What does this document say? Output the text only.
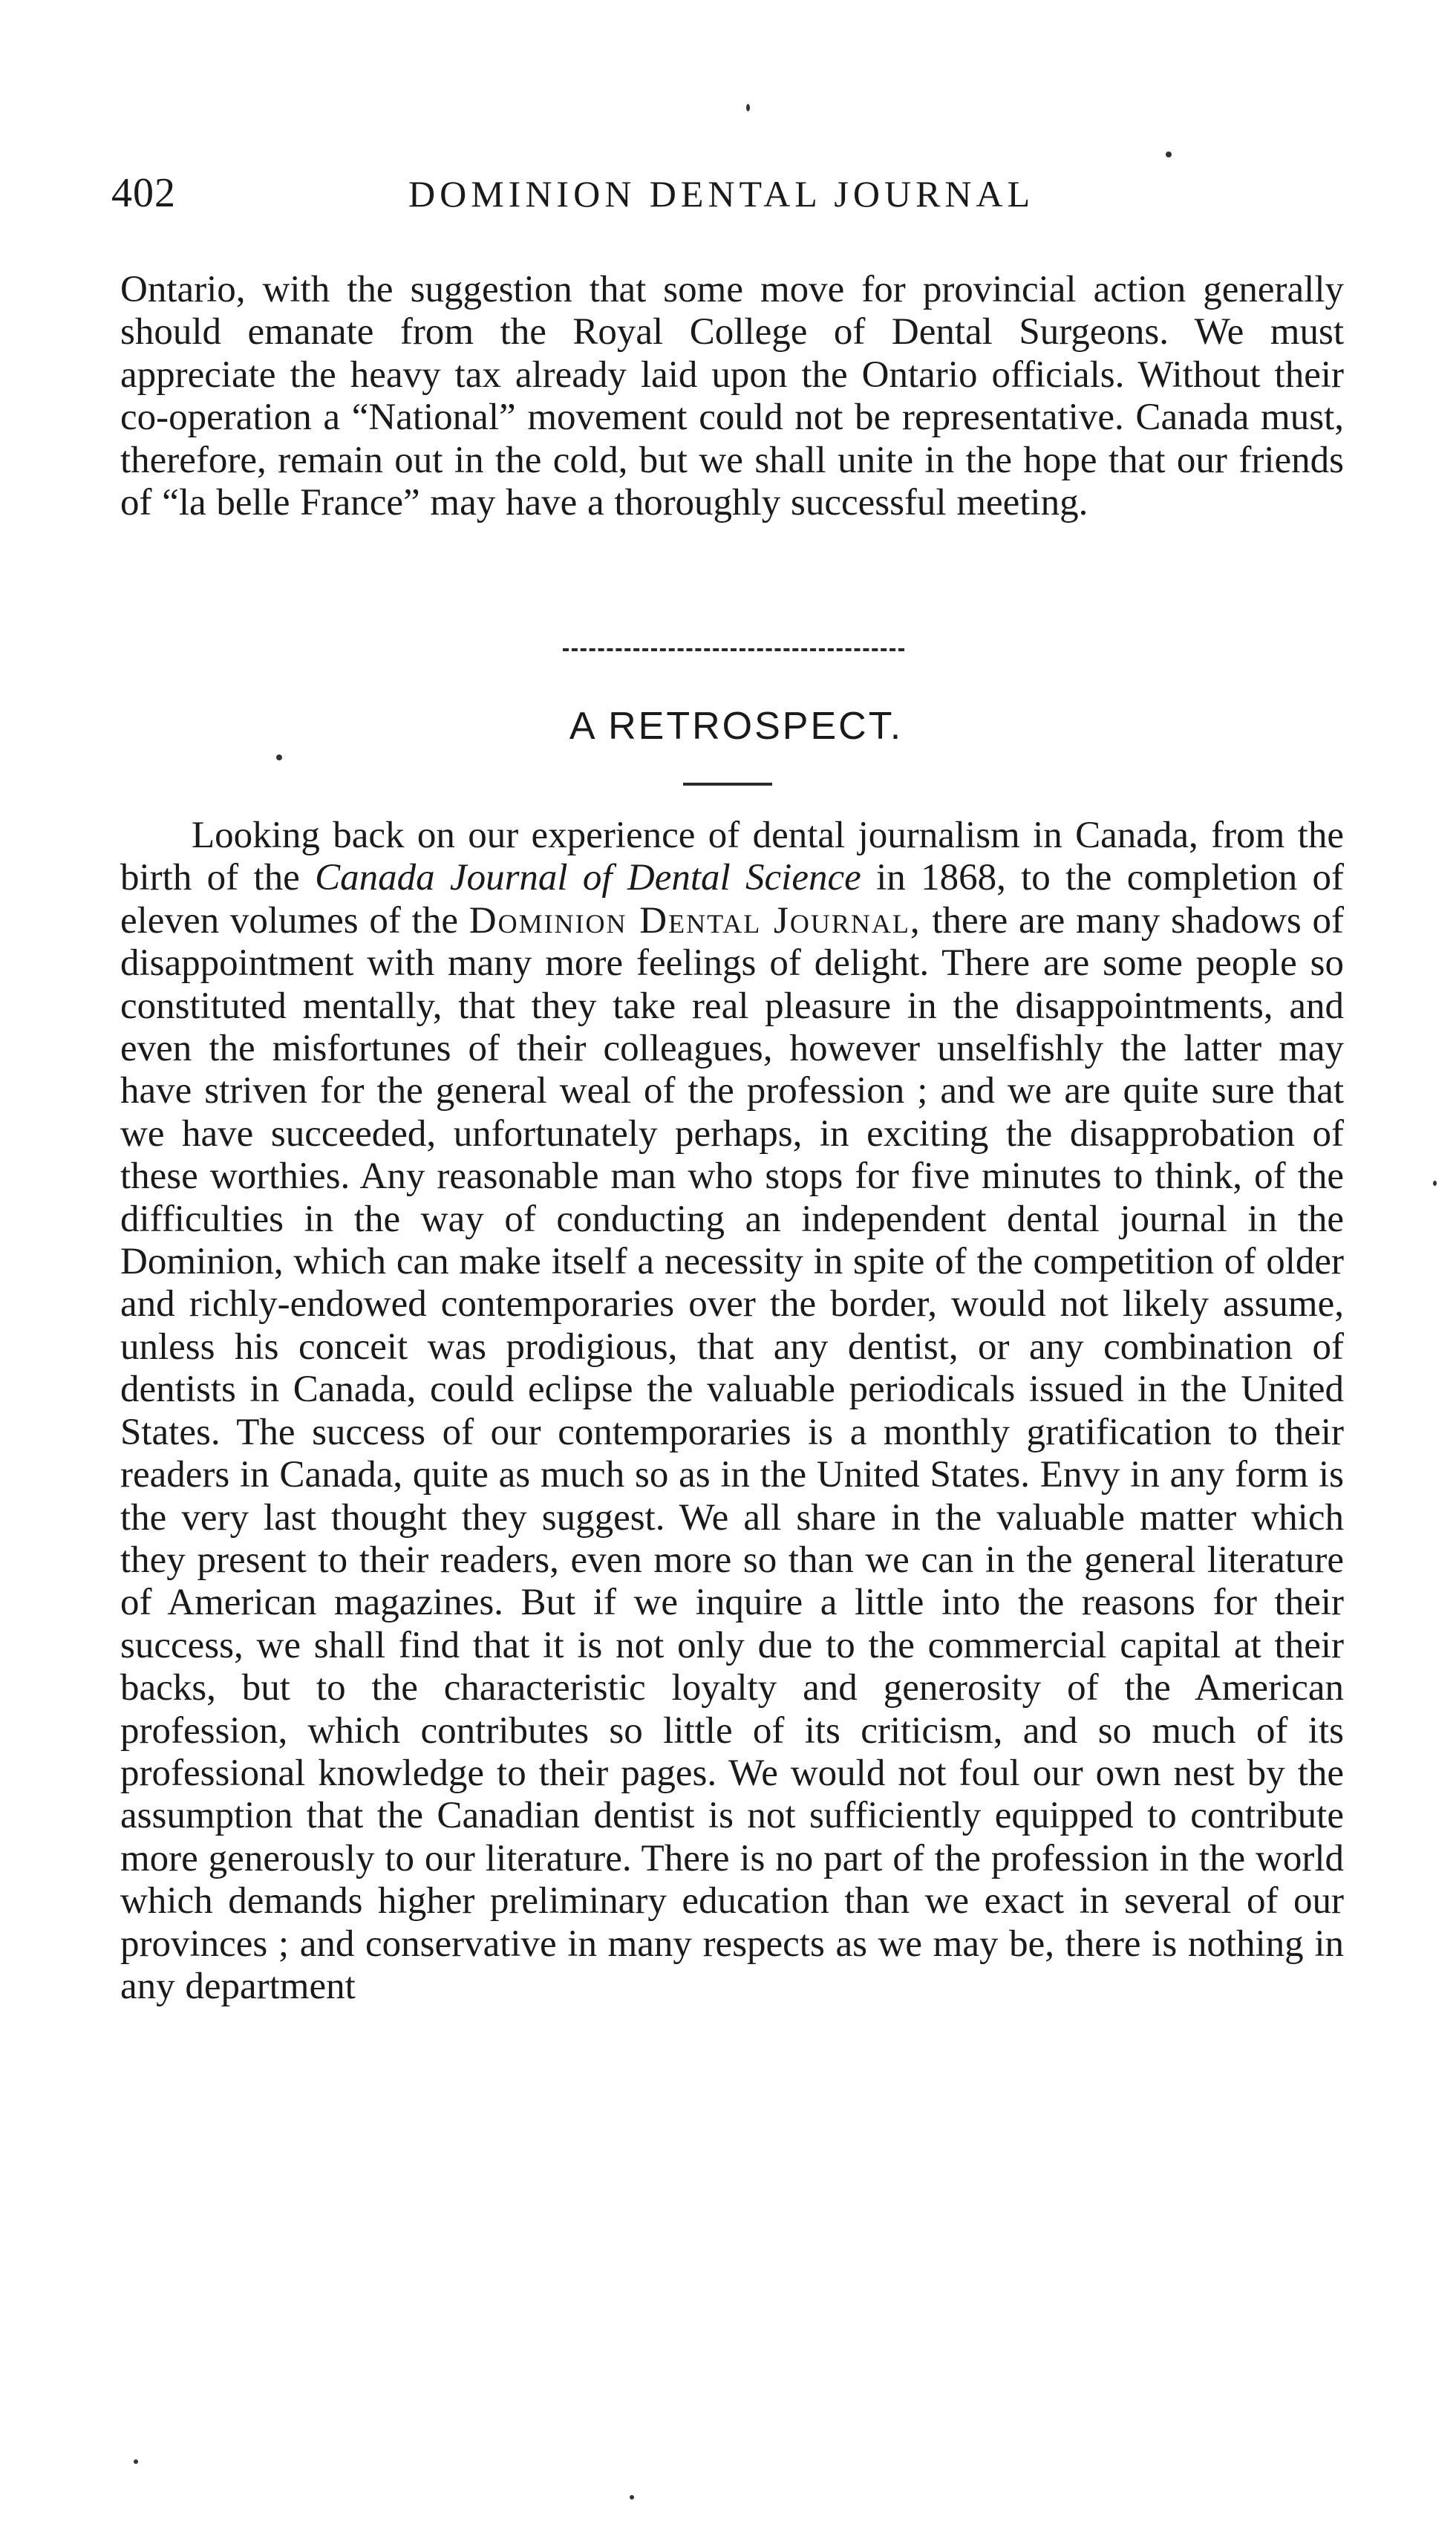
402	DOMINION DENTAL JOURNAL

Ontario, with the suggestion that some move for provincial action generally should emanate from the Royal College of Dental Surgeons. We must appreciate the heavy tax already laid upon the Ontario officials. Without their co-operation a “National” movement could not be representative. Canada must, therefore, remain out in the cold, but we shall unite in the hope that our friends of “la belle France” may have a thoroughly successful meeting.

A RETROSPECT.

Looking back on our experience of dental journalism in Canada, from the birth of the Canada Journal of Dental Science in 1868, to the completion of eleven volumes of the Dominion Dental Journal, there are many shadows of disappointment with many more feelings of delight. There are some people so constituted mentally, that they take real pleasure in the disappointments, and even the misfortunes of their colleagues, however unselfishly the latter may have striven for the general weal of the profession ; and we are quite sure that we have succeeded, unfortunately perhaps, in exciting the disapprobation of these worthies. Any reasonable man who stops for five minutes to think, of the difficulties in the way of conducting an independent dental journal in the Dominion, which can make itself a necessity in spite of the competition of older and richly-endowed contemporaries over the border, would not likely assume, unless his conceit was prodigious, that any dentist, or any combination of dentists in Canada, could eclipse the valuable periodicals issued in the United States. The success of our contemporaries is a monthly gratification to their readers in Canada, quite as much so as in the United States. Envy in any form is the very last thought they suggest. We all share in the valuable matter which they present to their readers, even more so than we can in the general literature of American magazines. But if we inquire a little into the reasons for their success, we shall find that it is not only due to the commercial capital at their backs, but to the characteristic loyalty and generosity of the American profession, which contributes so little of its criticism, and so much of its professional knowledge to their pages. We would not foul our own nest by the assumption that the Canadian dentist is not sufficiently equipped to contribute more generously to our literature. There is no part of the profession in the world which demands higher preliminary education than we exact in several of our provinces ; and conservative in many respects as we may be, there is nothing in any department
